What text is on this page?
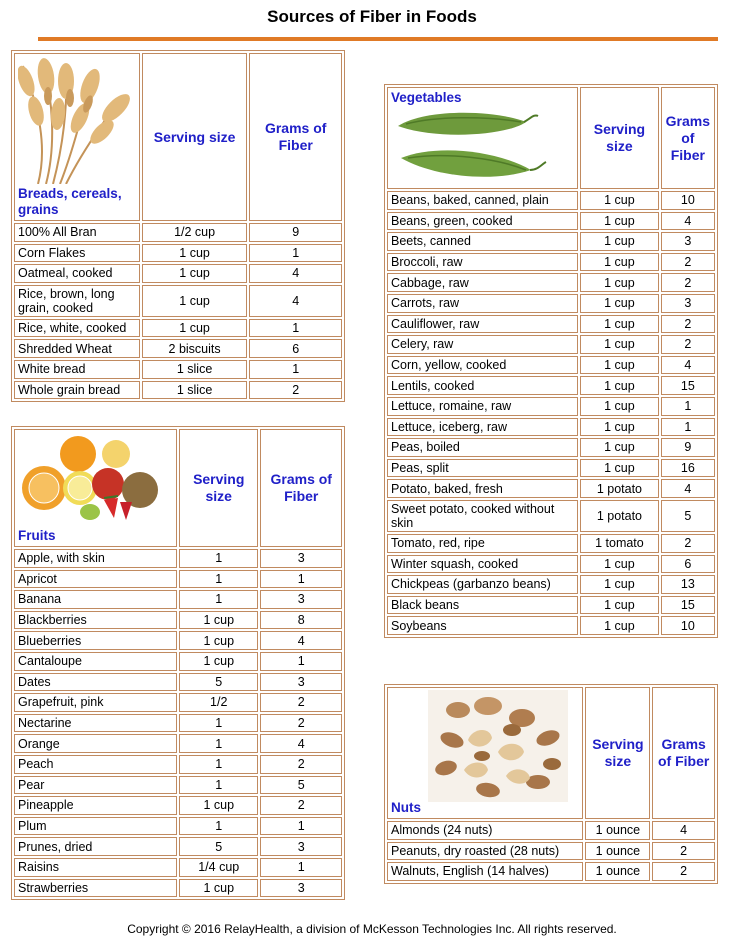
Sources of Fiber in Foods
Breads, cereals, grains	Serving size	Grams of Fiber
100% All Bran	1/2 cup	9
Corn Flakes	1 cup	1
Oatmeal, cooked	1 cup	4
Rice, brown, long grain, cooked	1 cup	4
Rice, white, cooked	1 cup	1
Shredded Wheat	2 biscuits	6
White bread	1 slice	1
Whole grain bread	1 slice	2
Fruits	Serving size	Grams of Fiber
Apple, with skin	1	3
Apricot	1	1
Banana	1	3
Blackberries	1 cup	8
Blueberries	1 cup	4
Cantaloupe	1 cup	1
Dates	5	3
Grapefruit, pink	1/2	2
Nectarine	1	2
Orange	1	4
Peach	1	2
Pear	1	5
Pineapple	1 cup	2
Plum	1	1
Prunes, dried	5	3
Raisins	1/4 cup	1
Strawberries	1 cup	3
Vegetables	Serving size	Grams of Fiber
Beans, baked, canned, plain	1 cup	10
Beans, green, cooked	1 cup	4
Beets, canned	1 cup	3
Broccoli, raw	1 cup	2
Cabbage, raw	1 cup	2
Carrots, raw	1 cup	3
Cauliflower, raw	1 cup	2
Celery, raw	1 cup	2
Corn, yellow, cooked	1 cup	4
Lentils, cooked	1 cup	15
Lettuce, romaine, raw	1 cup	1
Lettuce, iceberg, raw	1 cup	1
Peas, boiled	1 cup	9
Peas, split	1 cup	16
Potato, baked, fresh	1 potato	4
Sweet potato, cooked without skin	1 potato	5
Tomato, red, ripe	1 tomato	2
Winter squash, cooked	1 cup	6
Chickpeas (garbanzo beans)	1 cup	13
Black beans	1 cup	15
Soybeans	1 cup	10
Nuts	Serving size	Grams of Fiber
Almonds (24 nuts)	1 ounce	4
Peanuts, dry roasted (28 nuts)	1 ounce	2
Walnuts, English (14 halves)	1 ounce	2
Copyright © 2016 RelayHealth, a division of McKesson Technologies Inc. All rights reserved.
